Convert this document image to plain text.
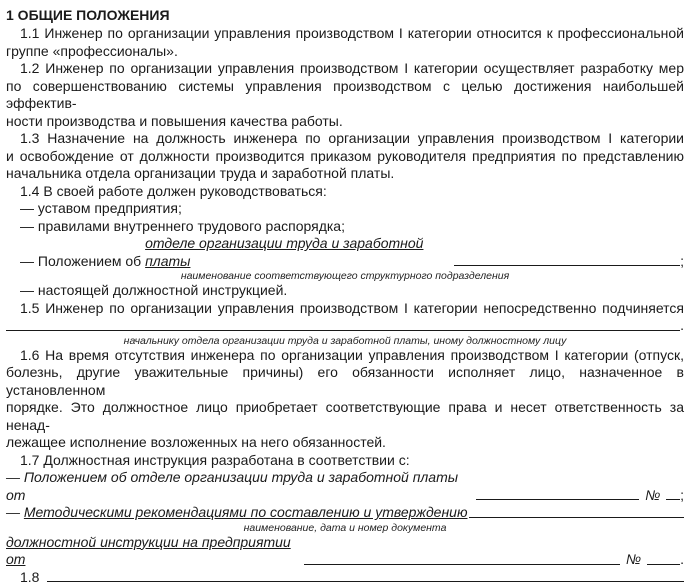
1 ОБЩИЕ ПОЛОЖЕНИЯ
1.1 Инженер по организации управления производством I категории относится к профессиональной
группе «профессионалы».
1.2 Инженер по организации управления производством I категории осуществляет разработку мер
по совершенствованию системы управления производством с целью достижения наибольшей эффектив-
ности производства и повышения качества работы.
1.3 Назначение на должность инженера по организации управления производством I категории
и освобождение от должности производится приказом руководителя предприятия по представлению
начальника отдела организации труда и заработной платы.
1.4 В своей работе должен руководствоваться:
— уставом предприятия;
— правилами внутреннего трудового распорядка;
— Положением об
отделе организации труда и заработной платы	;
наименование соответствующего структурного подразделения
— настоящей должностной инструкцией.
1.5 Инженер по организации управления производством I категории непосредственно подчиняется
.
начальнику отдела организации труда и заработной платы, иному должностному лицу
1.6 На время отсутствия инженера по организации управления производством I категории (отпуск,
болезнь, другие уважительные причины) его обязанности исполняет лицо, назначенное в установленном
порядке. Это должностное лицо приобретает соответствующие права и несет ответственность за ненад-
лежащее исполнение возложенных на него обязанностей.
1.7 Должностная инструкция разработана в соответствии с:
— Положением об отделе организации труда и заработной платы от	№ ;
— Методическими рекомендациями по составлению и утверждению
наименование, дата и номер документа
должностной инструкции на предприятии от	№	.
1.8
